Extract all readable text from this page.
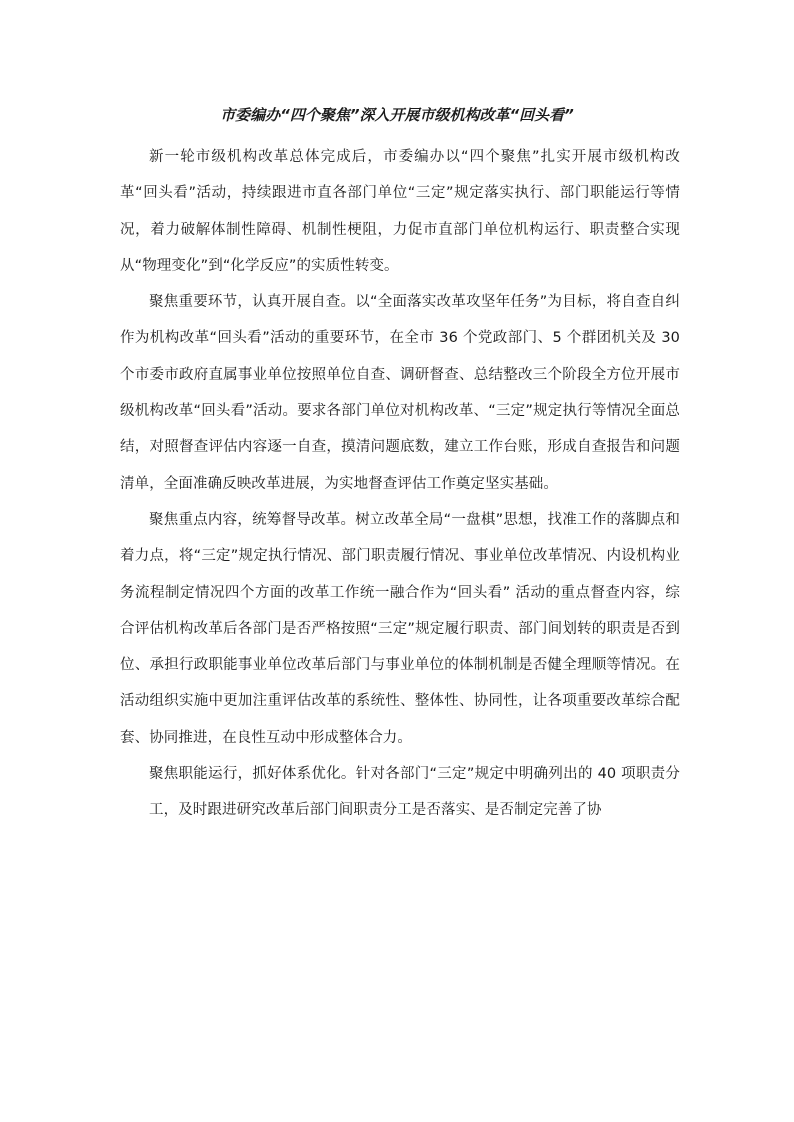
市委编办“四个聚焦”深入开展市级机构改革“回头看”

新一轮市级机构改革总体完成后，市委编办以“四个聚焦”扎实开展市级机构改革“回头看”活动，持续跟进市直各部门单位“三定”规定落实执行、部门职能运行等情况，着力破解体制性障碍、机制性梗阻，力促市直部门单位机构运行、职责整合实现从“物理变化”到“化学反应”的实质性转变。

聚焦重要环节，认真开展自查。以“全面落实改革攻坚年任务”为目标，将自查自纠作为机构改革“回头看”活动的重要环节，在全市 36 个党政部门、5 个群团机关及 30 个市委市政府直属事业单位按照单位自查、调研督查、总结整改三个阶段全方位开展市级机构改革“回头看”活动。要求各部门单位对机构改革、“三定”规定执行等情况全面总结，对照督查评估内容逐一自查，摸清问题底数，建立工作台账，形成自查报告和问题清单，全面准确反映改革进展，为实地督查评估工作奠定坚实基础。

聚焦重点内容，统筹督导改革。树立改革全局“一盘棋”思想，找准工作的落脚点和着力点，将“三定”规定执行情况、部门职责履行情况、事业单位改革情况、内设机构业务流程制定情况四个方面的改革工作统一融合作为“回头看” 活动的重点督查内容，综合评估机构改革后各部门是否严格按照“三定”规定履行职责、部门间划转的职责是否到位、承担行政职能事业单位改革后部门与事业单位的体制机制是否健全理顺等情况。在活动组织实施中更加注重评估改革的系统性、整体性、协同性，让各项重要改革综合配套、协同推进，在良性互动中形成整体合力。

聚焦职能运行，抓好体系优化。针对各部门“三定”规定中明确列出的 40 项职责分工，及时跟进研究改革后部门间职责分工是否落实、是否制定完善了协
